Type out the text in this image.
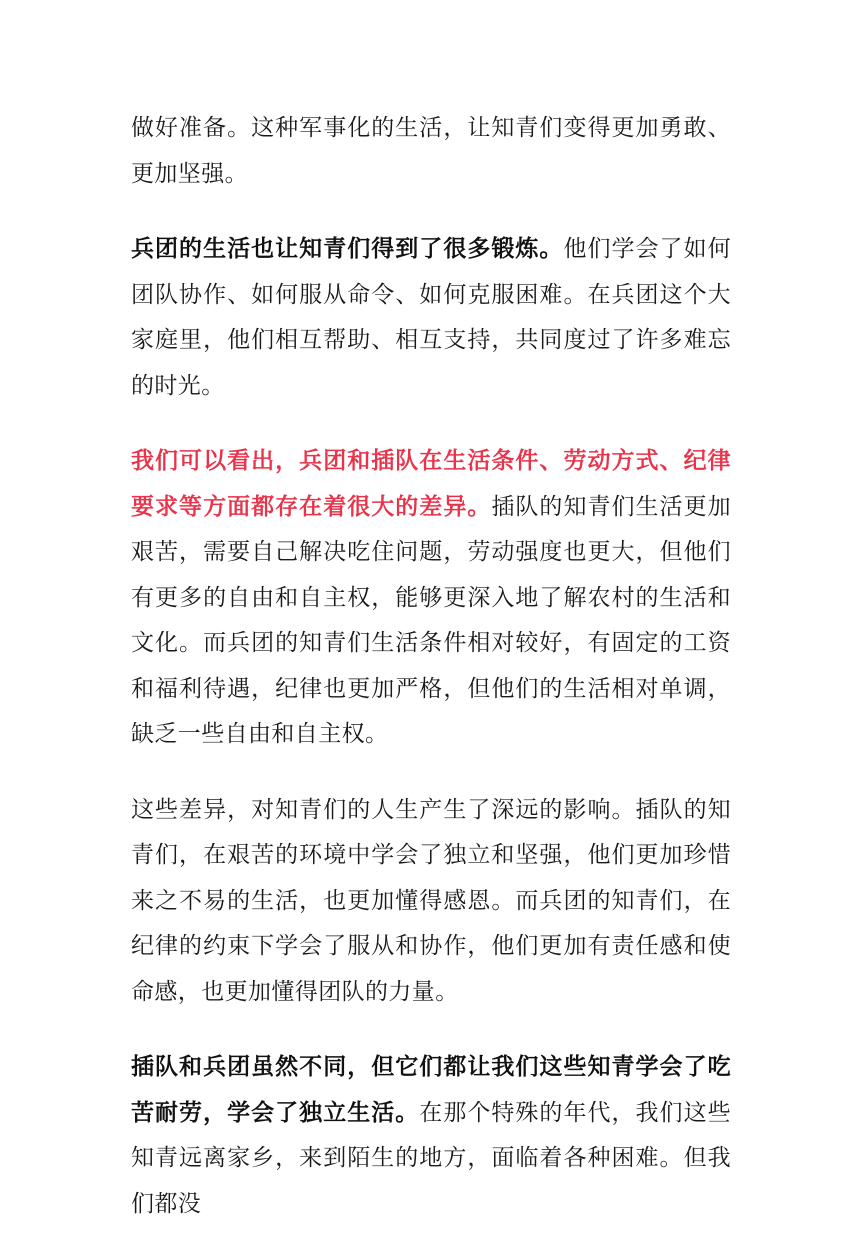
做好准备。这种军事化的生活，让知青们变得更加勇敢、更加坚强。

兵团的生活也让知青们得到了很多锻炼。他们学会了如何团队协作、如何服从命令、如何克服困难。在兵团这个大家庭里，他们相互帮助、相互支持，共同度过了许多难忘的时光。

我们可以看出，兵团和插队在生活条件、劳动方式、纪律要求等方面都存在着很大的差异。插队的知青们生活更加艰苦，需要自己解决吃住问题，劳动强度也更大，但他们有更多的自由和自主权，能够更深入地了解农村的生活和文化。而兵团的知青们生活条件相对较好，有固定的工资和福利待遇，纪律也更加严格，但他们的生活相对单调，缺乏一些自由和自主权。

这些差异，对知青们的人生产生了深远的影响。插队的知青们，在艰苦的环境中学会了独立和坚强，他们更加珍惜来之不易的生活，也更加懂得感恩。而兵团的知青们，在纪律的约束下学会了服从和协作，他们更加有责任感和使命感，也更加懂得团队的力量。

插队和兵团虽然不同，但它们都让我们这些知青学会了吃苦耐劳，学会了独立生活。在那个特殊的年代，我们这些知青远离家乡，来到陌生的地方，面临着各种困难。但我们都没
